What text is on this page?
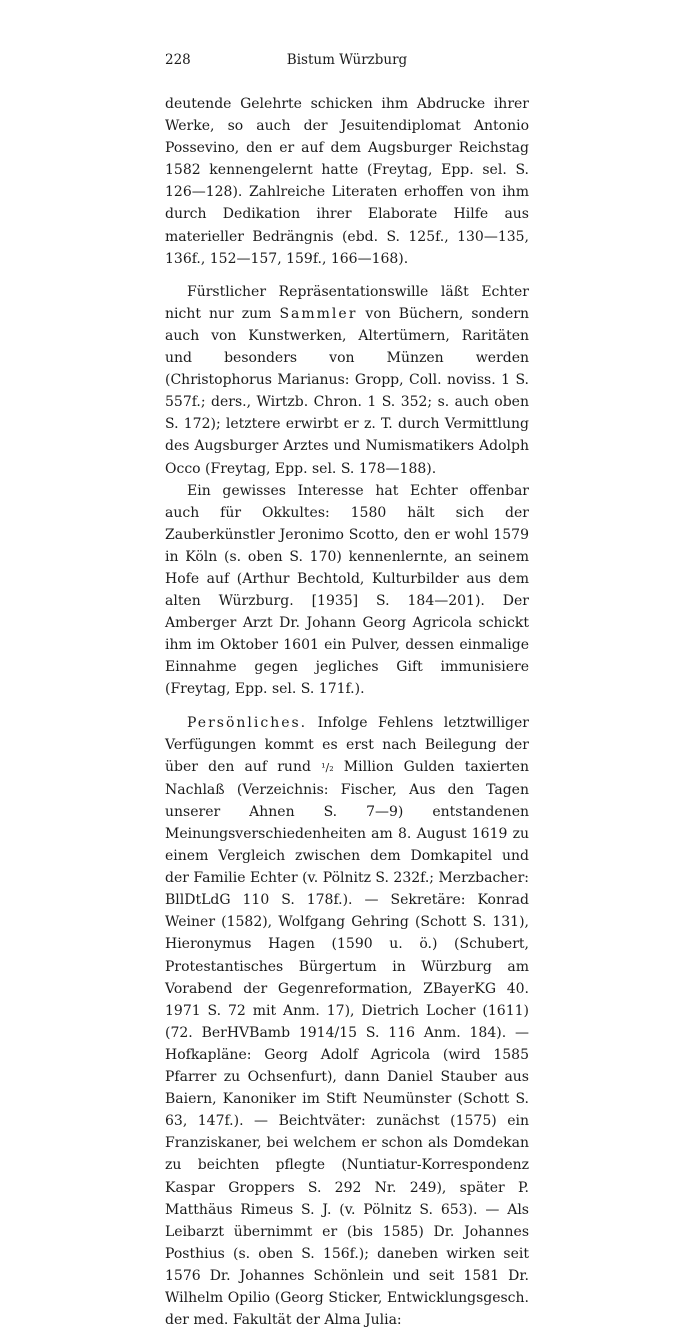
228	Bistum Würzburg

deutende Gelehrte schicken ihm Abdrucke ihrer Werke, so auch der Jesuitendiplomat Antonio Possevino, den er auf dem Augsburger Reichstag 1582 kennengelernt hatte (Freytag, Epp. sel. S. 126—128). Zahlreiche Literaten erhoffen von ihm durch Dedikation ihrer Elaborate Hilfe aus materieller Bedrängnis (ebd. S. 125f., 130—135, 136f., 152—157, 159f., 166—168).

Fürstlicher Repräsentationswille läßt Echter nicht nur zum Sammler von Büchern, sondern auch von Kunstwerken, Altertümern, Raritäten und besonders von Münzen werden (Christophorus Marianus: Gropp, Coll. noviss. 1 S. 557f.; ders., Wirtzb. Chron. 1 S. 352; s. auch oben S. 172); letztere erwirbt er z. T. durch Vermittlung des Augsburger Arztes und Numismatikers Adolph Occo (Freytag, Epp. sel. S. 178—188).

Ein gewisses Interesse hat Echter offenbar auch für Okkultes: 1580 hält sich der Zauberkünstler Jeronimo Scotto, den er wohl 1579 in Köln (s. oben S. 170) kennenlernte, an seinem Hofe auf (Arthur Bechtold, Kulturbilder aus dem alten Würzburg. [1935] S. 184—201). Der Amberger Arzt Dr. Johann Georg Agricola schickt ihm im Oktober 1601 ein Pulver, dessen einmalige Einnahme gegen jegliches Gift immunisiere (Freytag, Epp. sel. S. 171f.).

Persönliches. Infolge Fehlens letztwilliger Verfügungen kommt es erst nach Beilegung der über den auf rund ¹/₂ Million Gulden taxierten Nachlaß (Verzeichnis: Fischer, Aus den Tagen unserer Ahnen S. 7—9) entstandenen Meinungsverschiedenheiten am 8. August 1619 zu einem Vergleich zwischen dem Domkapitel und der Familie Echter (v. Pölnitz S. 232f.; Merzbacher: BllDtLdG 110 S. 178f.). — Sekretäre: Konrad Weiner (1582), Wolfgang Gehring (Schott S. 131), Hieronymus Hagen (1590 u. ö.) (Schubert, Protestantisches Bürgertum in Würzburg am Vorabend der Gegenreformation, ZBayerKG 40. 1971 S. 72 mit Anm. 17), Dietrich Locher (1611) (72. BerHVBamb 1914/15 S. 116 Anm. 184). — Hofkapläne: Georg Adolf Agricola (wird 1585 Pfarrer zu Ochsenfurt), dann Daniel Stauber aus Baiern, Kanoniker im Stift Neumünster (Schott S. 63, 147f.). — Beichtväter: zunächst (1575) ein Franziskaner, bei welchem er schon als Domdekan zu beichten pflegte (Nuntiatur-Korrespondenz Kaspar Groppers S. 292 Nr. 249), später P. Matthäus Rimeus S. J. (v. Pölnitz S. 653). — Als Leibarzt übernimmt er (bis 1585) Dr. Johannes Posthius (s. oben S. 156f.); daneben wirken seit 1576 Dr. Johannes Schönlein und seit 1581 Dr. Wilhelm Opilio (Georg Sticker, Entwicklungsgesch. der med. Fakultät der Alma Julia:
